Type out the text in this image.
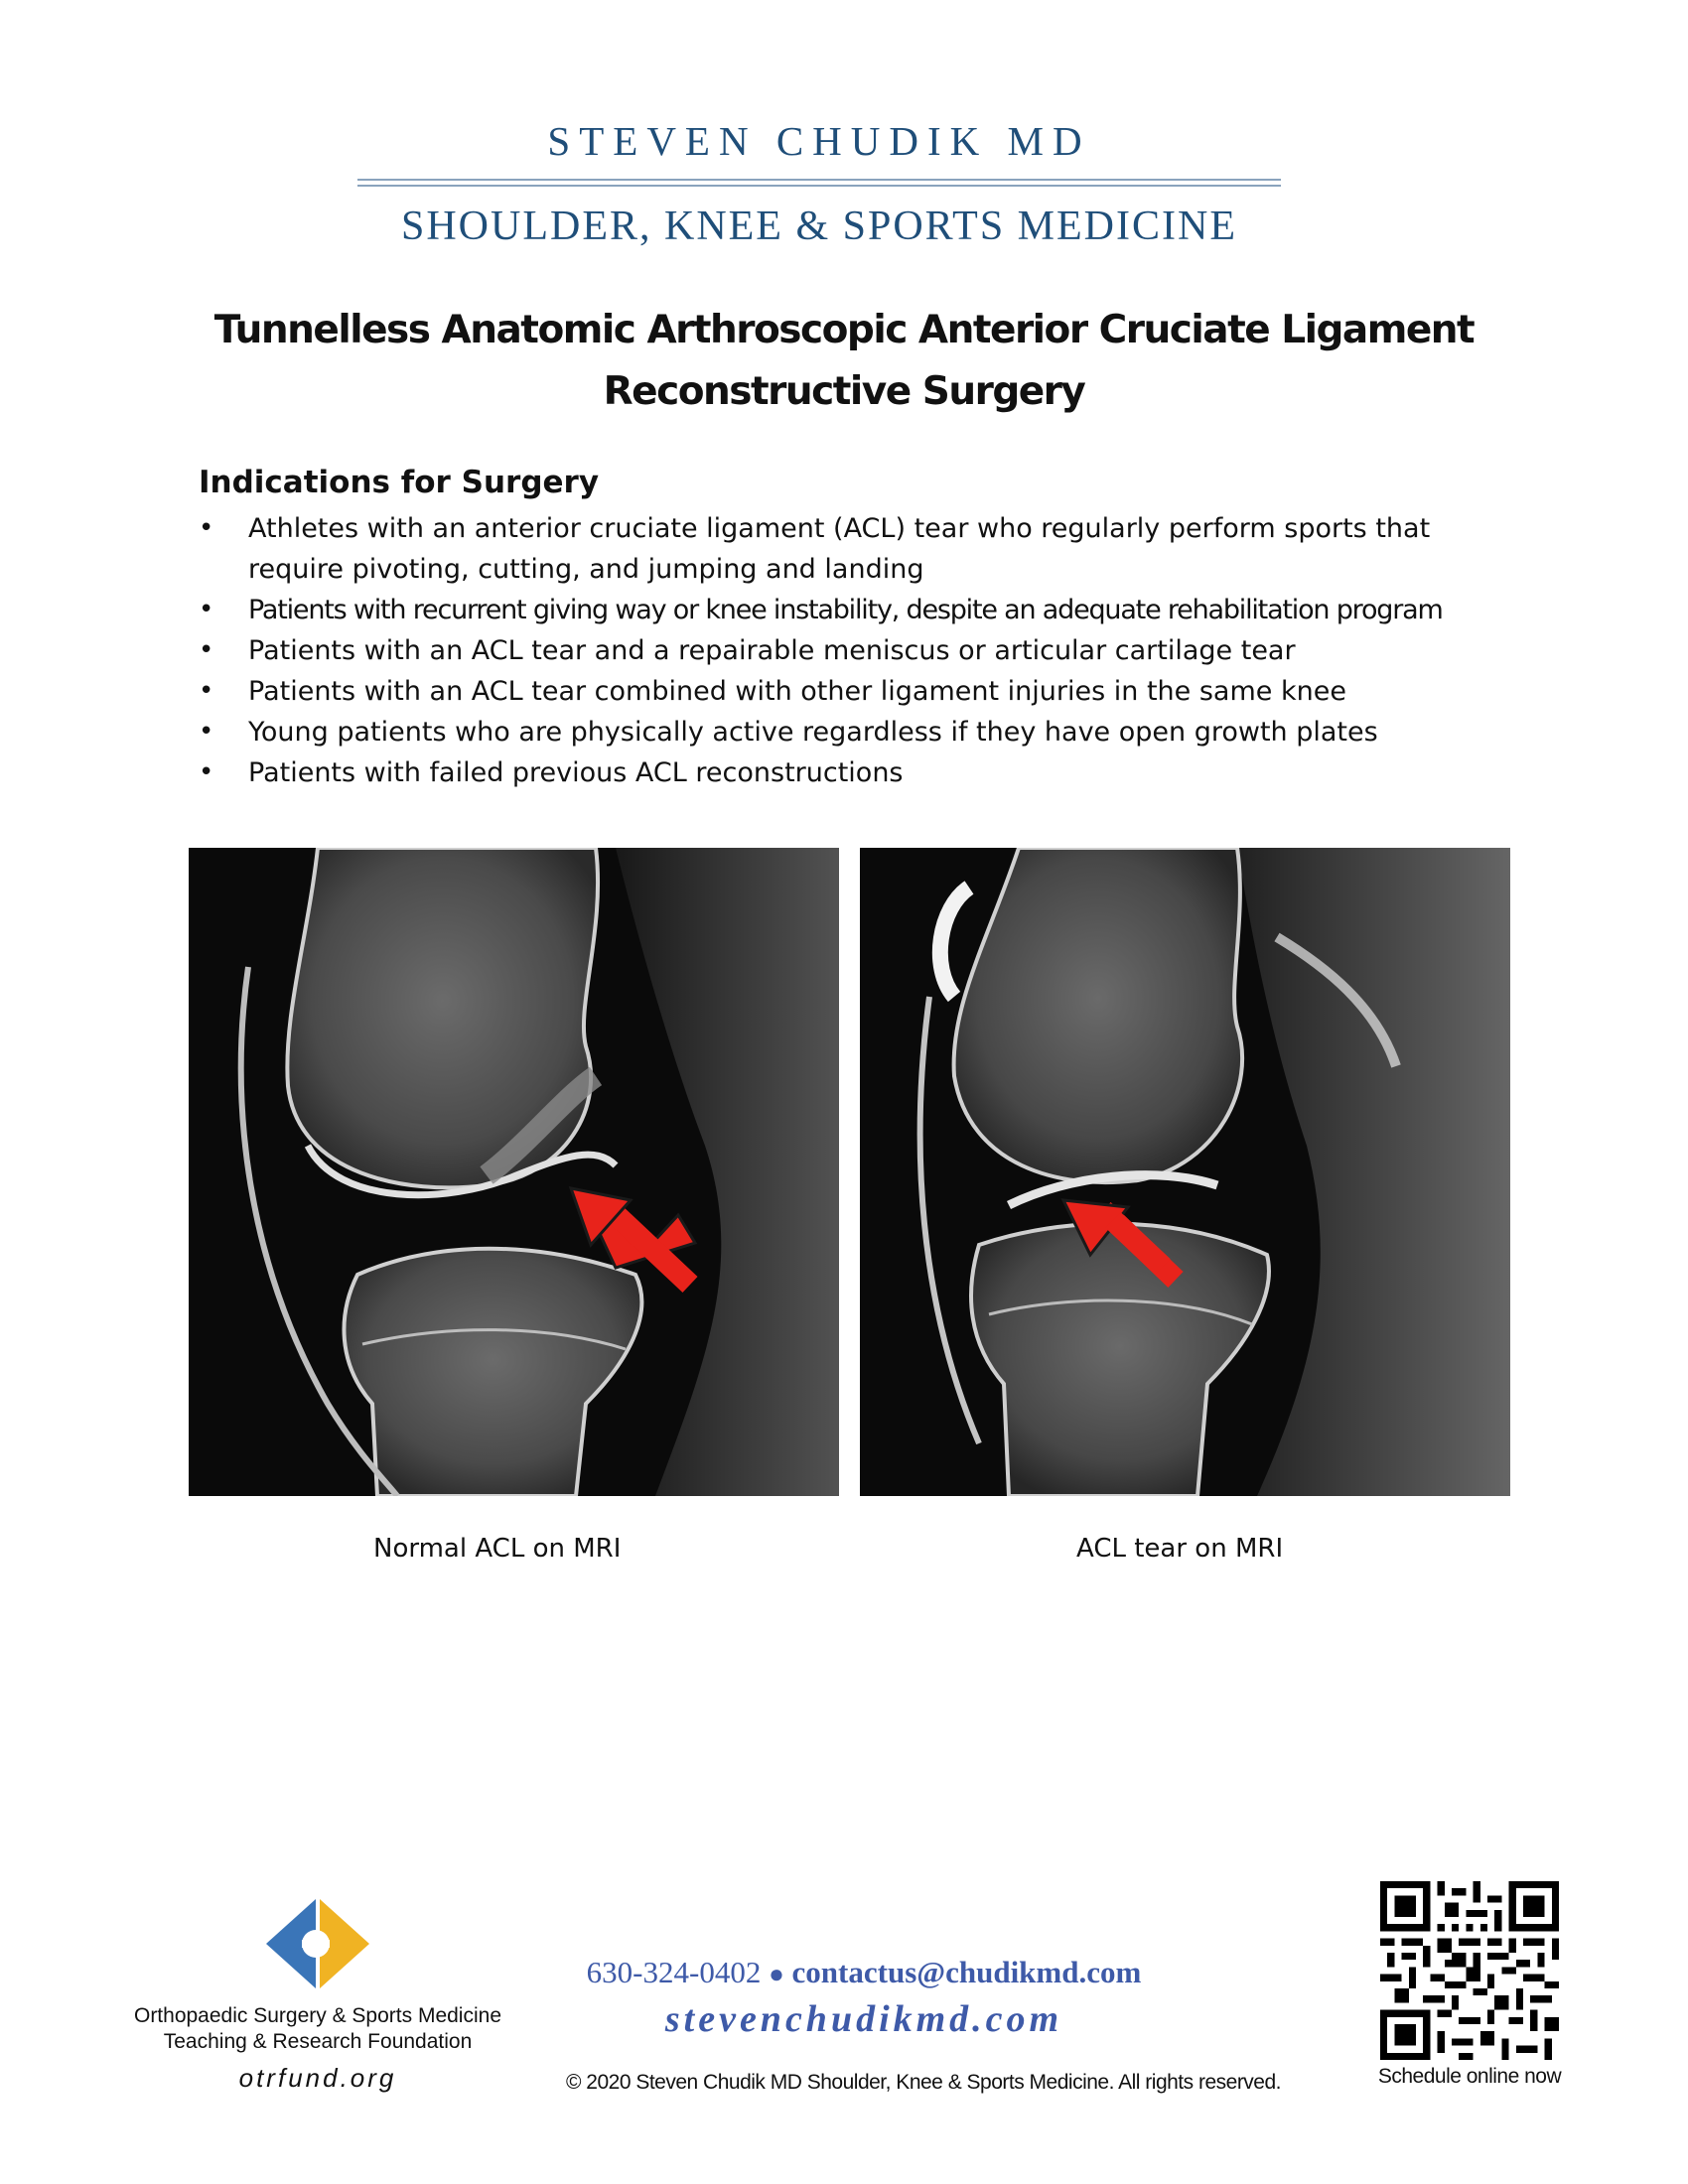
STEVEN CHUDIK MD

SHOULDER, KNEE & SPORTS MEDICINE

Tunnelless Anatomic Arthroscopic Anterior Cruciate Ligament
Reconstructive Surgery
Indications for Surgery
• Athletes with an anterior cruciate ligament (ACL) tear who regularly perform sports that require pivoting, cutting, and jumping and landing
• Patients with recurrent giving way or knee instability, despite an adequate rehabilitation program
• Patients with an ACL tear and a repairable meniscus or articular cartilage tear
• Patients with an ACL tear combined with other ligament injuries in the same knee
• Young patients who are physically active regardless if they have open growth plates
• Patients with failed previous ACL reconstructions

Normal ACL on MRI	ACL tear on MRI

Orthopaedic Surgery & Sports Medicine

Teaching & Research Foundation

otrfund.org

630-324-0402 ● contactus@chudikmd.com

stevenchudikmd.com

© 2020 Steven Chudik MD Shoulder, Knee & Sports Medicine. All rights reserved.	Schedule online now
